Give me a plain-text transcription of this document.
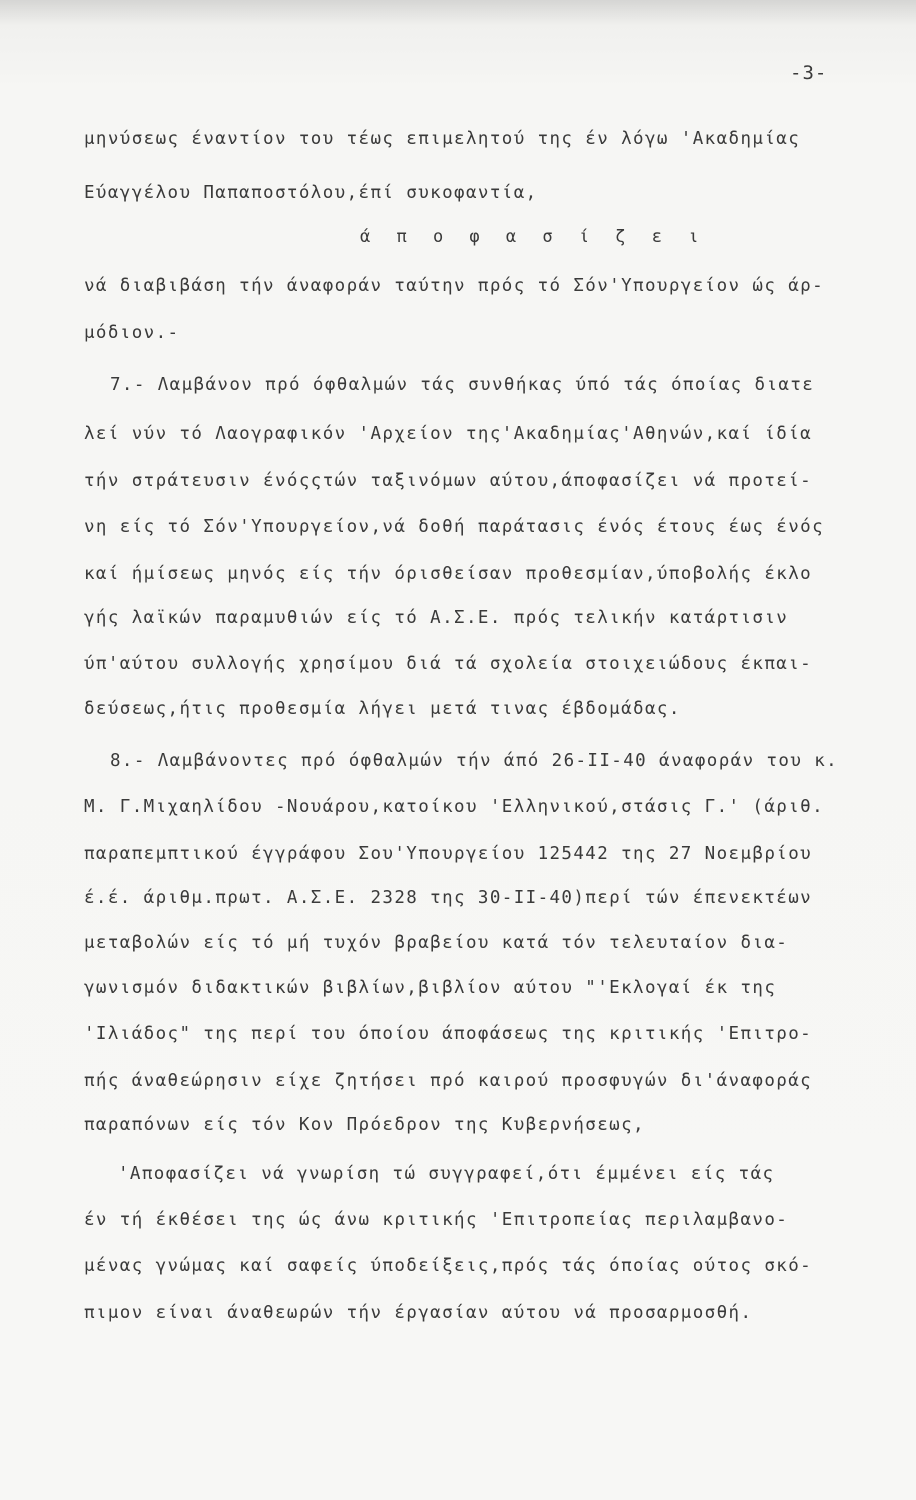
-3-
μηνύσεως έναντίον του τέως επιμελητού της έν λόγω 'Ακαδημίας
Εύαγγέλου Παπαποστόλου,έπί συκοφαντία,
ά π ο φ α σ ί ζ ε ι
νά διαβιβάση τήν άναφοράν ταύτην πρός τό Σόν'Υπουργείον ώς άρ-
μόδιον.-
7.- Λαμβάνον πρό όφθαλμών τάς συνθήκας ύπό τάς όποίας διατε
λεί νύν τό Λαογραφικόν 'Αρχείον της'Ακαδημίας'Αθηνών,καί ίδία
τήν στράτευσιν ένόςςτών ταξινόμων αύτου,άποφασίζει νά προτεί-
νη είς τό Σόν'Υπουργείον,νά δοθή παράτασις ένός έτους έως ένός
καί ήμίσεως μηνός είς τήν όρισθείσαν προθεσμίαν,ύποβολής έκλο
γής λαϊκών παραμυθιών είς τό Α.Σ.Ε. πρός τελικήν κατάρτισιν
ύπ'αύτου συλλογής χρησίμου διά τά σχολεία στοιχειώδους έκπαι-
δεύσεως,ήτις προθεσμία λήγει μετά τινας έβδομάδας.
8.- Λαμβάνοντες πρό όφθαλμών τήν άπό 26-ΙΙ-40 άναφοράν του κ.
Μ. Γ.Μιχαηλίδου -Νουάρου,κατοίκου 'Ελληνικού,στάσις Γ.' (άριθ.
παραπεμπτικού έγγράφου Σου'Υπουργείου 125442 της 27 Νοεμβρίου
έ.έ. άριθμ.πρωτ. Α.Σ.Ε. 2328 της 30-ΙΙ-40)περί τών έπενεκτέων
μεταβολών είς τό μή τυχόν βραβείου κατά τόν τελευταίον δια-
γωνισμόν διδακτικών βιβλίων,βιβλίον αύτου "'Εκλογαί έκ της
'Ιλιάδος" της περί του όποίου άποφάσεως της κριτικής 'Επιτρο-
πής άναθεώρησιν είχε ζητήσει πρό καιρού προσφυγών δι'άναφοράς
παραπόνων είς τόν Κον Πρόεδρον της Κυβερνήσεως,
'Αποφασίζει νά γνωρίση τώ συγγραφεί,ότι έμμένει είς τάς
έν τή έκθέσει της ώς άνω κριτικής 'Επιτροπείας περιλαμβανο-
μένας γνώμας καί σαφείς ύποδείξεις,πρός τάς όποίας ούτος σκό-
πιμον είναι άναθεωρών τήν έργασίαν αύτου νά προσαρμοσθή.
